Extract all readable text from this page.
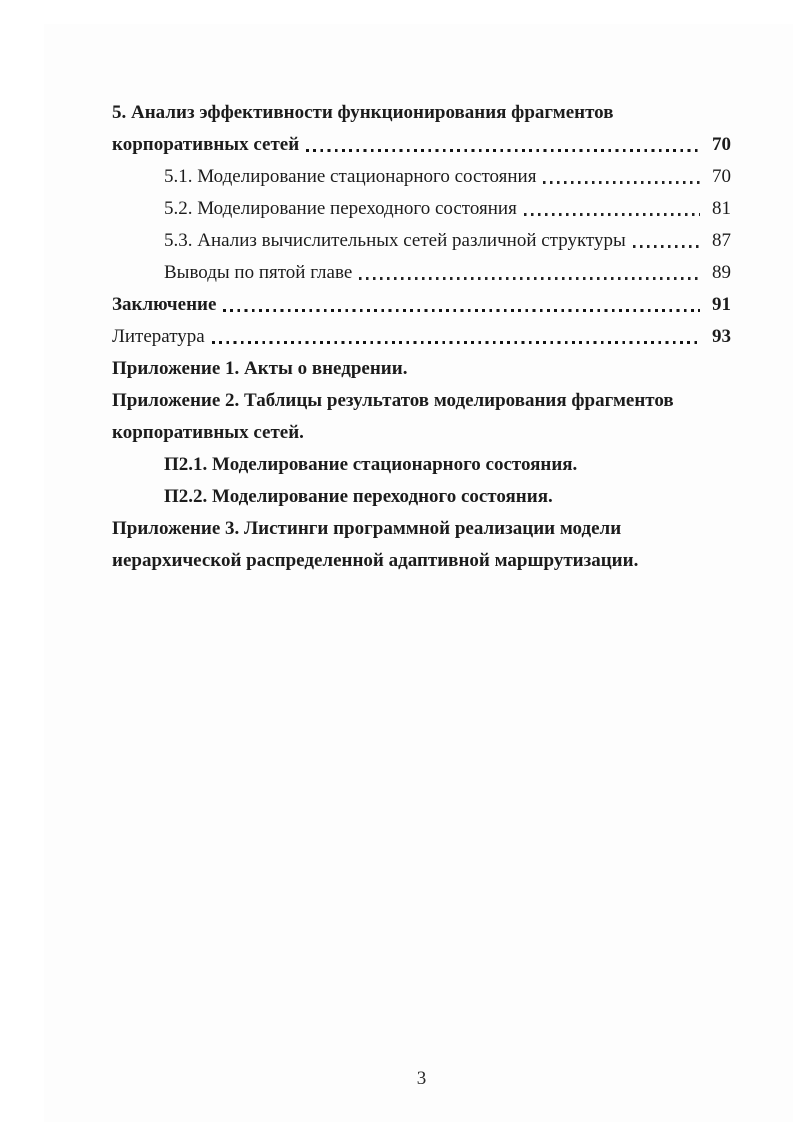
5. Анализ эффективности функционирования фрагментов
корпоративных сетей	70
5.1. Моделирование стационарного состояния	70
5.2. Моделирование переходного состояния	81
5.3. Анализ вычислительных сетей различной структуры	87
Выводы по пятой главе	89
Заключение	91
Литература	93
Приложение 1. Акты о внедрении.
Приложение 2. Таблицы результатов моделирования фрагментов
корпоративных сетей.
П2.1. Моделирование стационарного состояния.
П2.2. Моделирование переходного состояния.
Приложение 3. Листинги программной реализации модели
иерархической распределенной адаптивной маршрутизации.
3
